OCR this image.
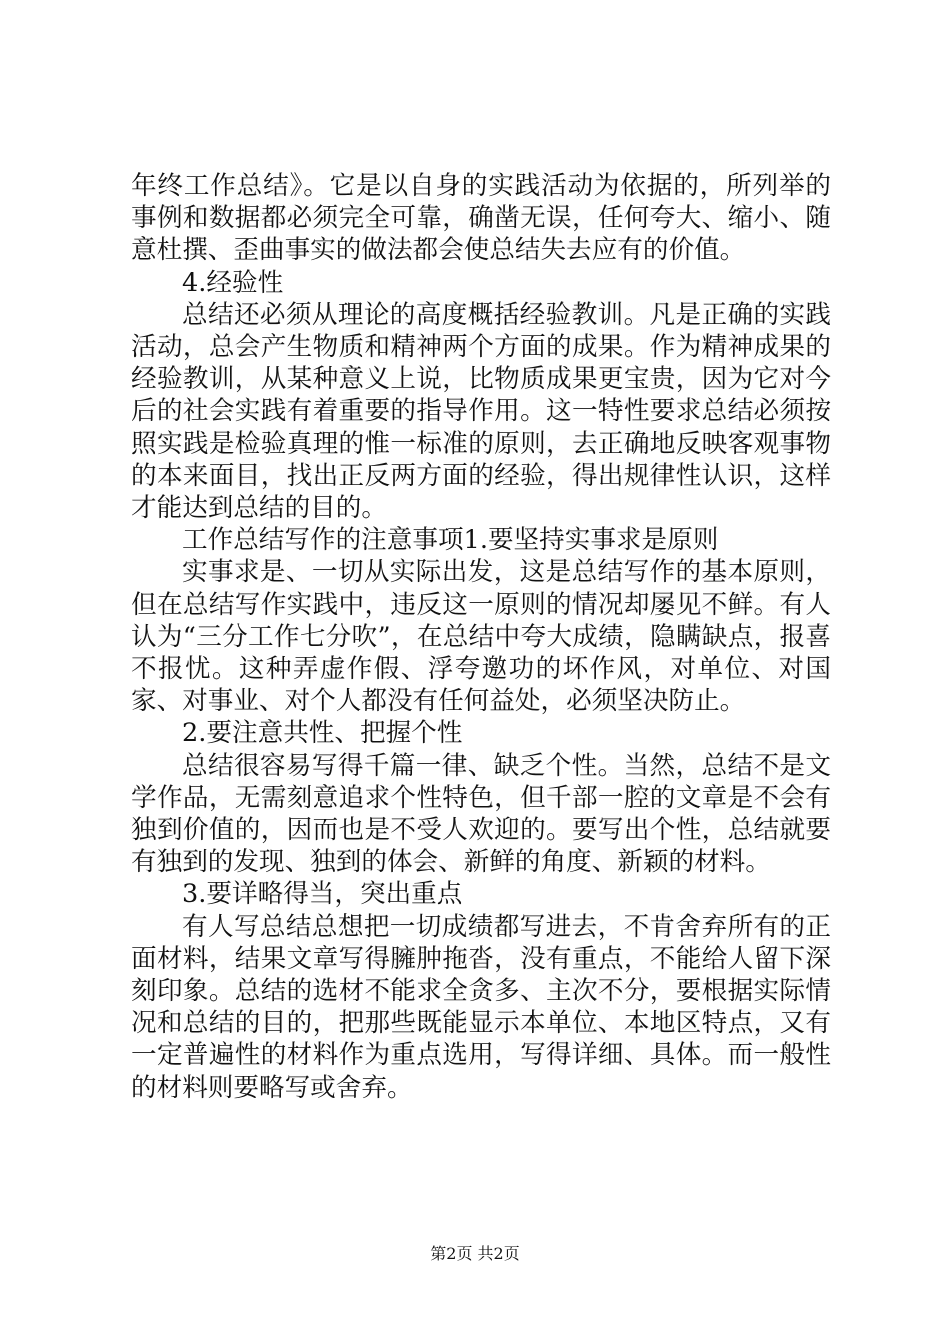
年终工作总结》。它是以自身的实践活动为依据的，所列举的事例和数据都必须完全可靠，确凿无误，任何夸大、缩小、随意杜撰、歪曲事实的做法都会使总结失去应有的价值。

4.经验性

总结还必须从理论的高度概括经验教训。凡是正确的实践活动，总会产生物质和精神两个方面的成果。作为精神成果的经验教训，从某种意义上说，比物质成果更宝贵，因为它对今后的社会实践有着重要的指导作用。这一特性要求总结必须按照实践是检验真理的惟一标准的原则，去正确地反映客观事物的本来面目，找出正反两方面的经验，得出规律性认识，这样才能达到总结的目的。

工作总结写作的注意事项1.要坚持实事求是原则

实事求是、一切从实际出发，这是总结写作的基本原则，但在总结写作实践中，违反这一原则的情况却屡见不鲜。有人认为“三分工作七分吹”，在总结中夸大成绩，隐瞒缺点，报喜不报忧。这种弄虚作假、浮夸邀功的坏作风，对单位、对国家、对事业、对个人都没有任何益处，必须坚决防止。

2.要注意共性、把握个性

总结很容易写得千篇一律、缺乏个性。当然，总结不是文学作品，无需刻意追求个性特色，但千部一腔的文章是不会有独到价值的，因而也是不受人欢迎的。要写出个性，总结就要有独到的发现、独到的体会、新鲜的角度、新颖的材料。

3.要详略得当，突出重点

有人写总结总想把一切成绩都写进去，不肯舍弃所有的正面材料，结果文章写得臃肿拖沓，没有重点，不能给人留下深刻印象。总结的选材不能求全贪多、主次不分，要根据实际情况和总结的目的，把那些既能显示本单位、本地区特点，又有一定普遍性的材料作为重点选用，写得详细、具体。而一般性的材料则要略写或舍弃。

第2页 共2页
